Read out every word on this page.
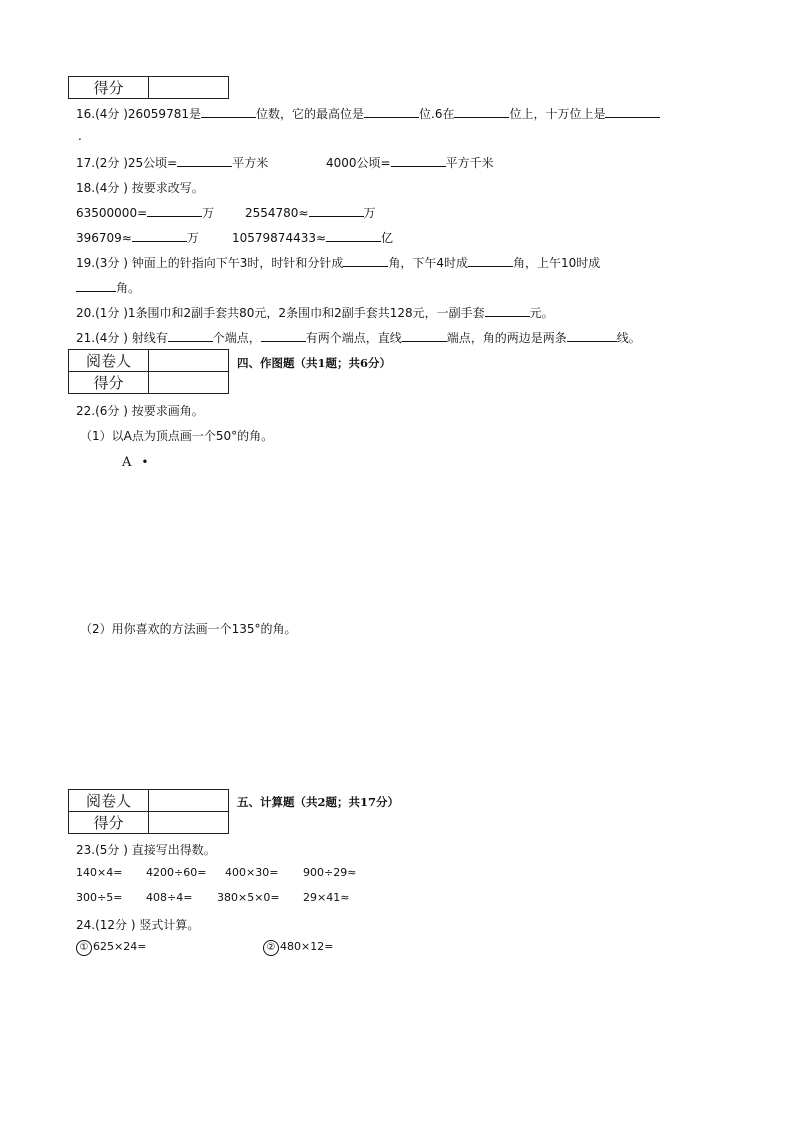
得分	
16.(4分 )26059781是	位数，它的最高位是	位.6在	位上，十万位上是
.
17.(2分 )25公顷=	平方米	4000公顷=	平方千米
18.(4分 ) 按要求改写。
63500000=	万	2554780≈	万
396709≈	万	10579874433≈	亿
19.(3分 ) 钟面上的针指向下午3时，时针和分针成	角，下午4时成	角，上午10时成
角。
20.(1分 )1条围巾和2副手套共80元，2条围巾和2副手套共128元，一副手套	元。
21.(4分 ) 射线有	个端点，	有两个端点，直线	端点，角的两边是两条	线。
阅卷人	
得分	
四、作图题（共1题；共6分）
22.(6分 ) 按要求画角。
（1）以A点为顶点画一个50°的角。
A •
（2）用你喜欢的方法画一个135°的角。
阅卷人	
得分	
五、计算题（共2题；共17分）
23.(5分 ) 直接写出得数。
140×4= 4200÷60= 400×30= 900÷29≈
300÷5= 408÷4= 380×5×0= 29×41≈
24.(12分 ) 竖式计算。
① 625×24=	② 480×12=
